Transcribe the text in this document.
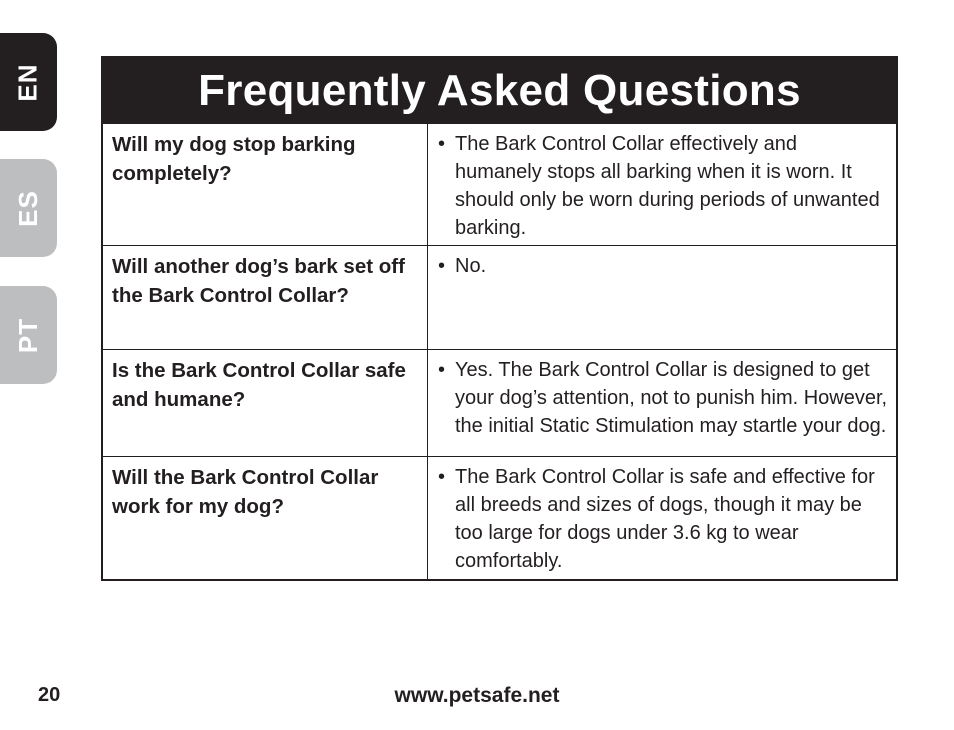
EN
ES
PT
Frequently Asked Questions
Will my dog stop barking completely?
• The Bark Control Collar effectively and humanely stops all barking when it is worn. It should only be worn during periods of unwanted barking.
Will another dog’s bark set off the Bark Control Collar?
• No.
Is the Bark Control Collar safe and humane?
• Yes. The Bark Control Collar is designed to get your dog’s attention, not to punish him. However, the initial Static Stimulation may startle your dog.
Will the Bark Control Collar work for my dog?
• The Bark Control Collar is safe and effective for all breeds and sizes of dogs, though it may be too large for dogs under 3.6 kg to wear comfortably.
20	www.petsafe.net
